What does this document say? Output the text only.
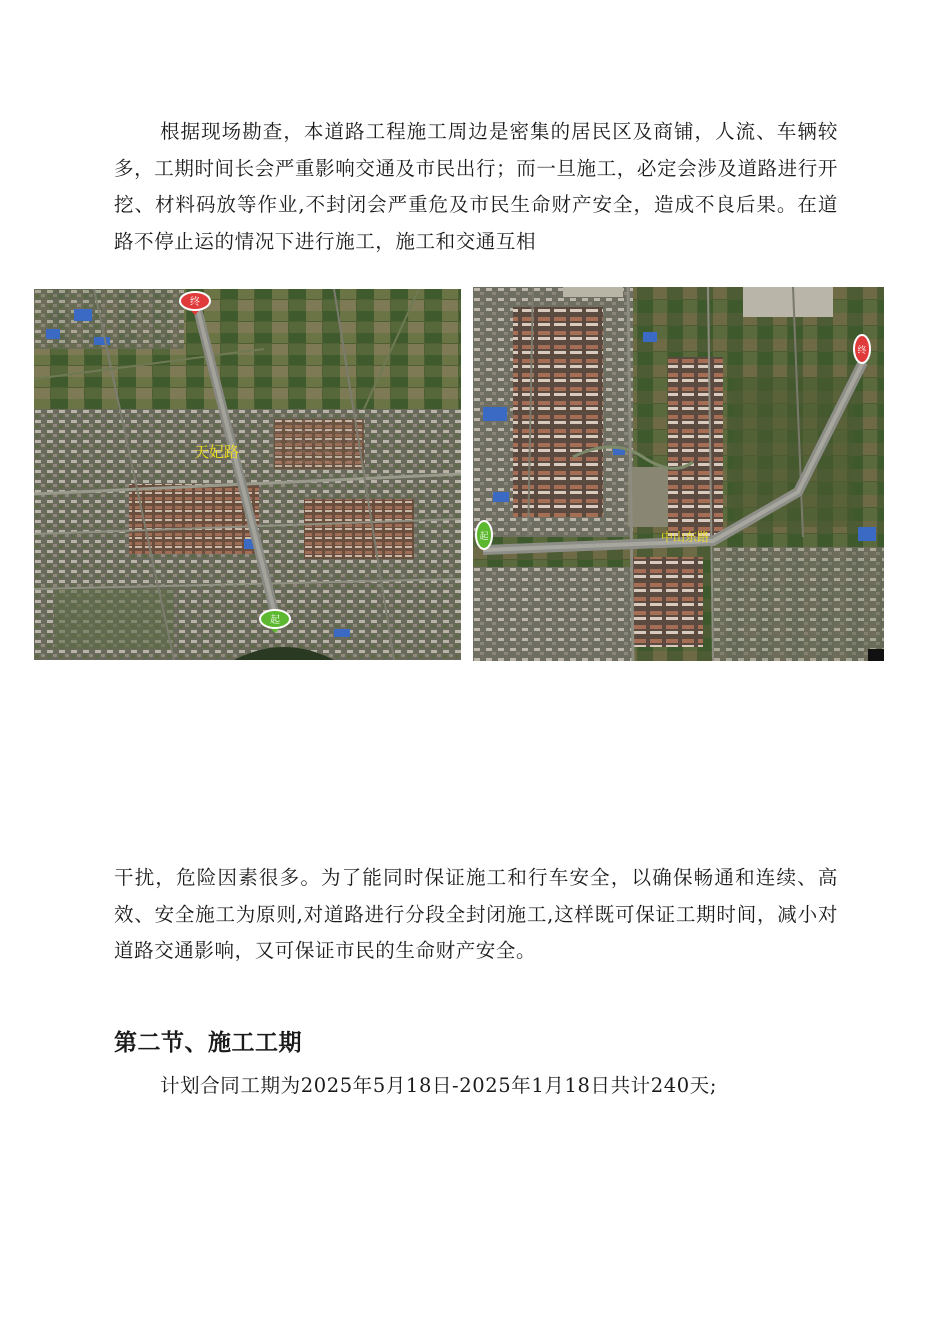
根据现场勘查，本道路工程施工周边是密集的居民区及商铺，人流、车辆较多，工期时间长会严重影响交通及市民出行；而一旦施工，必定会涉及道路进行开挖、材料码放等作业,不封闭会严重危及市民生命财产安全，造成不良后果。在道路不停止运的情况下进行施工，施工和交通互相

终
起
天妃路
起
终
中山东路

干扰，危险因素很多。为了能同时保证施工和行车安全，以确保畅通和连续、高效、安全施工为原则,对道路进行分段全封闭施工,这样既可保证工期时间，减小对道路交通影响，又可保证市民的生命财产安全。

第二节、施工工期

计划合同工期为2025年5月18日-2025年1月18日共计240天;
